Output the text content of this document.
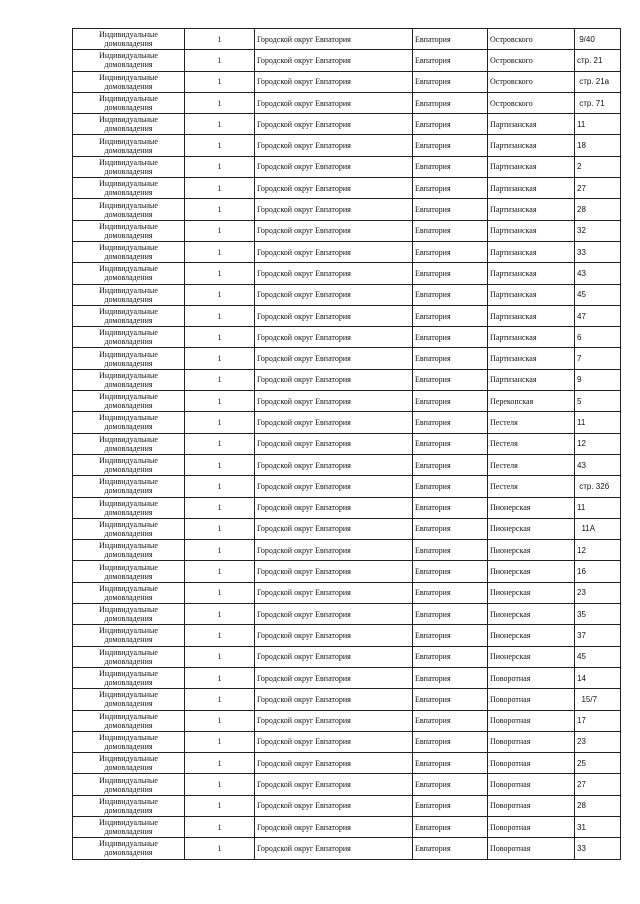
Индивидуальные домовладения	1	Городской округ Евпатория	Евпатория	Островского	9/40
Индивидуальные домовладения	1	Городской округ Евпатория	Евпатория	Островского	стр. 21
Индивидуальные домовладения	1	Городской округ Евпатория	Евпатория	Островского	стр. 21а
Индивидуальные домовладения	1	Городской округ Евпатория	Евпатория	Островского	стр. 71
Индивидуальные домовладения	1	Городской округ Евпатория	Евпатория	Партизанская	11
Индивидуальные домовладения	1	Городской округ Евпатория	Евпатория	Партизанская	18
Индивидуальные домовладения	1	Городской округ Евпатория	Евпатория	Партизанская	2
Индивидуальные домовладения	1	Городской округ Евпатория	Евпатория	Партизанская	27
Индивидуальные домовладения	1	Городской округ Евпатория	Евпатория	Партизанская	28
Индивидуальные домовладения	1	Городской округ Евпатория	Евпатория	Партизанская	32
Индивидуальные домовладения	1	Городской округ Евпатория	Евпатория	Партизанская	33
Индивидуальные домовладения	1	Городской округ Евпатория	Евпатория	Партизанская	43
Индивидуальные домовладения	1	Городской округ Евпатория	Евпатория	Партизанская	45
Индивидуальные домовладения	1	Городской округ Евпатория	Евпатория	Партизанская	47
Индивидуальные домовладения	1	Городской округ Евпатория	Евпатория	Партизанская	6
Индивидуальные домовладения	1	Городской округ Евпатория	Евпатория	Партизанская	7
Индивидуальные домовладения	1	Городской округ Евпатория	Евпатория	Партизанская	9
Индивидуальные домовладения	1	Городской округ Евпатория	Евпатория	Перекопская	5
Индивидуальные домовладения	1	Городской округ Евпатория	Евпатория	Пестеля	11
Индивидуальные домовладения	1	Городской округ Евпатория	Евпатория	Пестеля	12
Индивидуальные домовладения	1	Городской округ Евпатория	Евпатория	Пестеля	43
Индивидуальные домовладения	1	Городской округ Евпатория	Евпатория	Пестеля	стр. 32б
Индивидуальные домовладения	1	Городской округ Евпатория	Евпатория	Пионерская	11
Индивидуальные домовладения	1	Городской округ Евпатория	Евпатория	Пионерская	11А
Индивидуальные домовладения	1	Городской округ Евпатория	Евпатория	Пионерская	12
Индивидуальные домовладения	1	Городской округ Евпатория	Евпатория	Пионерская	16
Индивидуальные домовладения	1	Городской округ Евпатория	Евпатория	Пионерская	23
Индивидуальные домовладения	1	Городской округ Евпатория	Евпатория	Пионерская	35
Индивидуальные домовладения	1	Городской округ Евпатория	Евпатория	Пионерская	37
Индивидуальные домовладения	1	Городской округ Евпатория	Евпатория	Пионерская	45
Индивидуальные домовладения	1	Городской округ Евпатория	Евпатория	Поворотная	14
Индивидуальные домовладения	1	Городской округ Евпатория	Евпатория	Поворотная	15/7
Индивидуальные домовладения	1	Городской округ Евпатория	Евпатория	Поворотная	17
Индивидуальные домовладения	1	Городской округ Евпатория	Евпатория	Поворотная	23
Индивидуальные домовладения	1	Городской округ Евпатория	Евпатория	Поворотная	25
Индивидуальные домовладения	1	Городской округ Евпатория	Евпатория	Поворотная	27
Индивидуальные домовладения	1	Городской округ Евпатория	Евпатория	Поворотная	28
Индивидуальные домовладения	1	Городской округ Евпатория	Евпатория	Поворотная	31
Индивидуальные домовладения	1	Городской округ Евпатория	Евпатория	Поворотная	33
